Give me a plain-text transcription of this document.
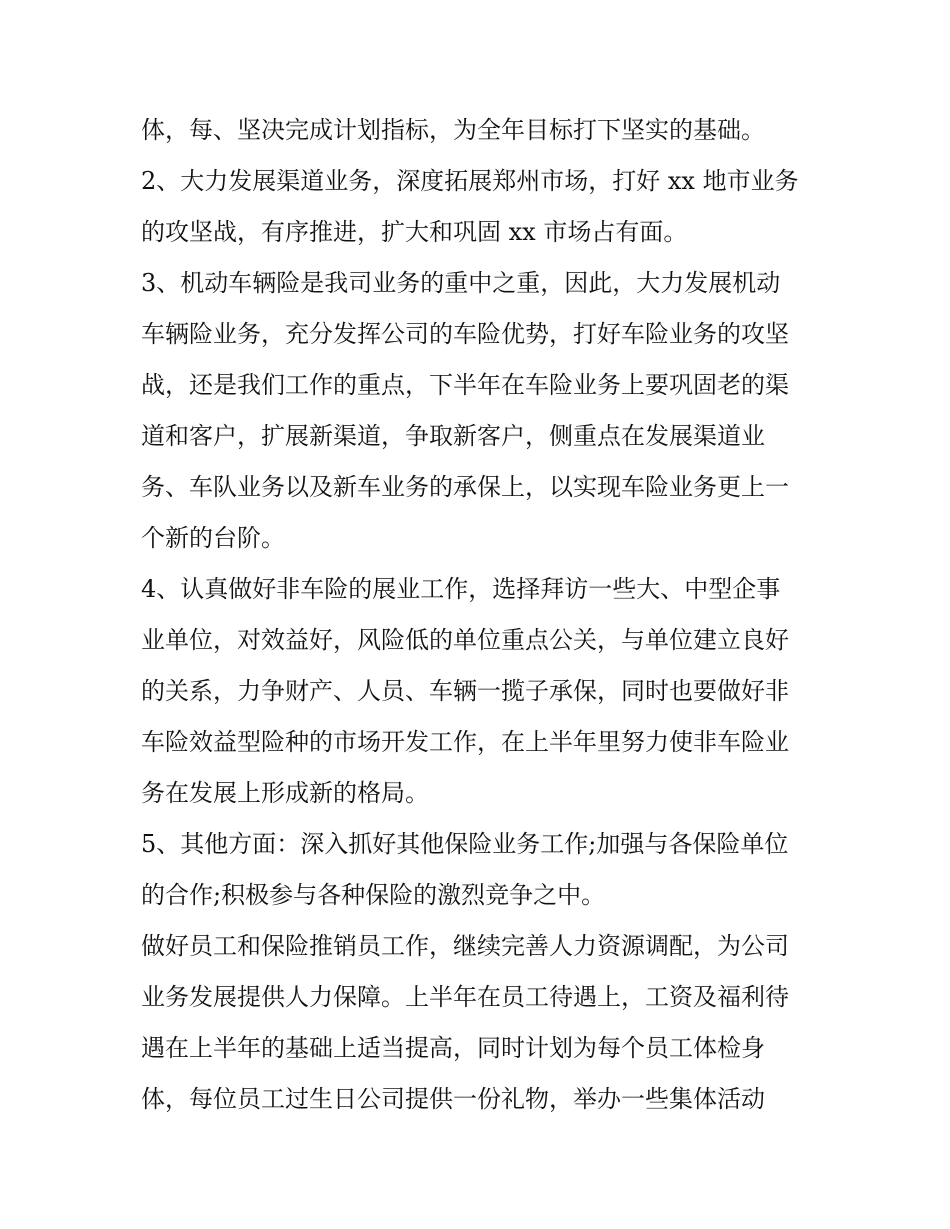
体，每、坚决完成计划指标，为全年目标打下坚实的基础。
2、大力发展渠道业务，深度拓展郑州市场，打好 xx 地市业务
的攻坚战，有序推进，扩大和巩固 xx 市场占有面。
3、机动车辆险是我司业务的重中之重，因此，大力发展机动
车辆险业务，充分发挥公司的车险优势，打好车险业务的攻坚
战，还是我们工作的重点，下半年在车险业务上要巩固老的渠
道和客户，扩展新渠道，争取新客户，侧重点在发展渠道业
务、车队业务以及新车业务的承保上，以实现车险业务更上一
个新的台阶。
4、认真做好非车险的展业工作，选择拜访一些大、中型企事
业单位，对效益好，风险低的单位重点公关，与单位建立良好
的关系，力争财产、人员、车辆一揽子承保，同时也要做好非
车险效益型险种的市场开发工作，在上半年里努力使非车险业
务在发展上形成新的格局。
5、其他方面：深入抓好其他保险业务工作;加强与各保险单位
的合作;积极参与各种保险的激烈竞争之中。
做好员工和保险推销员工作，继续完善人力资源调配，为公司
业务发展提供人力保障。上半年在员工待遇上，工资及福利待
遇在上半年的基础上适当提高，同时计划为每个员工体检身
体，每位员工过生日公司提供一份礼物，举办一些集体活动
